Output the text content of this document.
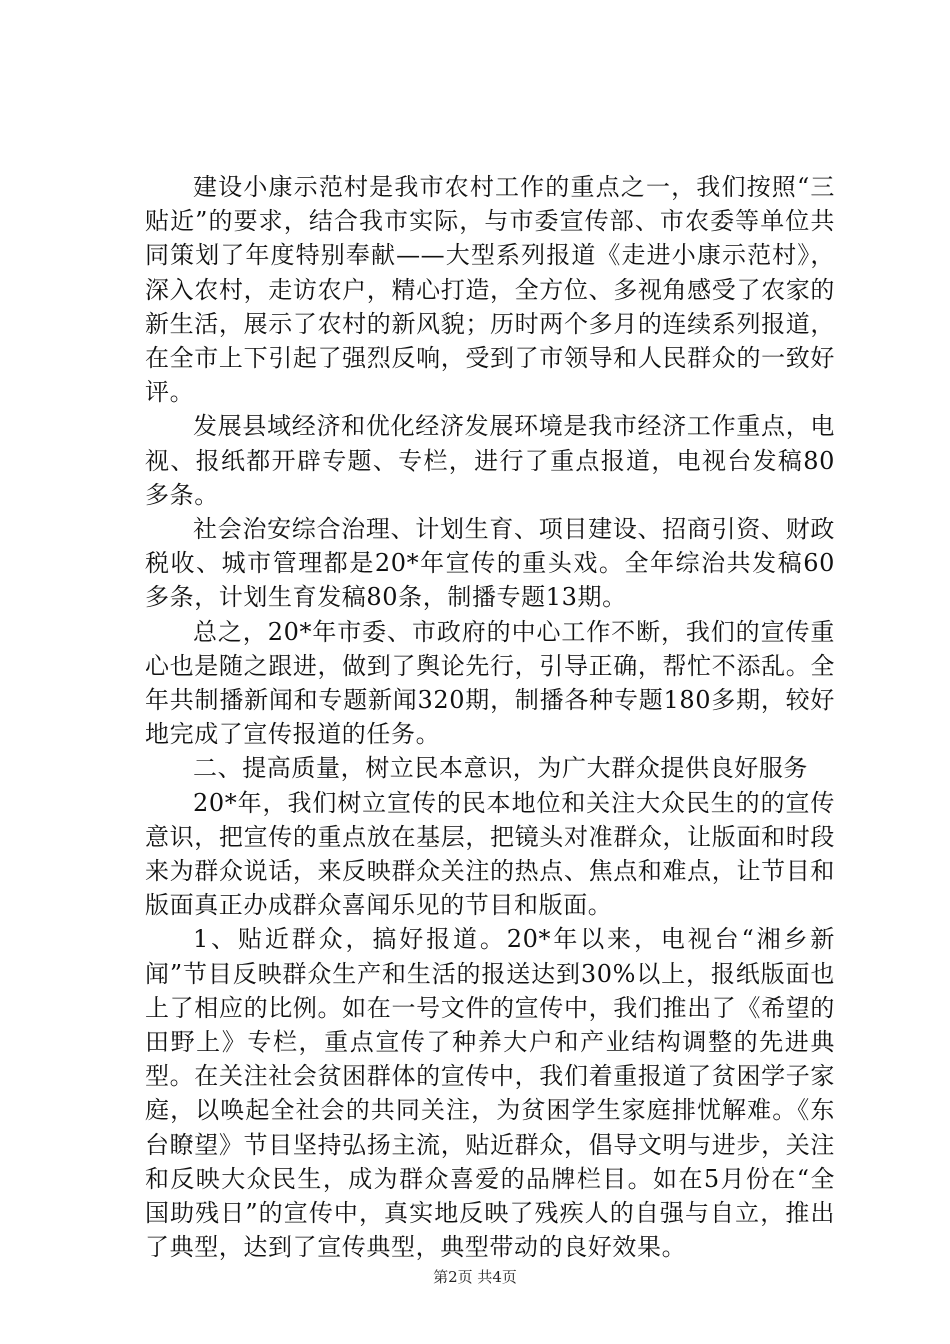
建设小康示范村是我市农村工作的重点之一，我们按照“三贴近”的要求，结合我市实际，与市委宣传部、市农委等单位共同策划了年度特别奉献——大型系列报道《走进小康示范村》，深入农村，走访农户，精心打造，全方位、多视角感受了农家的新生活，展示了农村的新风貌；历时两个多月的连续系列报道，在全市上下引起了强烈反响，受到了市领导和人民群众的一致好评。

发展县域经济和优化经济发展环境是我市经济工作重点，电视、报纸都开辟专题、专栏，进行了重点报道，电视台发稿80多条。

社会治安综合治理、计划生育、项目建设、招商引资、财政税收、城市管理都是20*年宣传的重头戏。全年综治共发稿60多条，计划生育发稿80条，制播专题13期。

总之，20*年市委、市政府的中心工作不断，我们的宣传重心也是随之跟进，做到了舆论先行，引导正确，帮忙不添乱。全年共制播新闻和专题新闻320期，制播各种专题180多期，较好地完成了宣传报道的任务。

二、提高质量，树立民本意识，为广大群众提供良好服务

20*年，我们树立宣传的民本地位和关注大众民生的的宣传意识，把宣传的重点放在基层，把镜头对准群众，让版面和时段来为群众说话，来反映群众关注的热点、焦点和难点，让节目和版面真正办成群众喜闻乐见的节目和版面。

1、贴近群众，搞好报道。20*年以来，电视台“湘乡新闻”节目反映群众生产和生活的报送达到30%以上，报纸版面也上了相应的比例。如在一号文件的宣传中，我们推出了《希望的田野上》专栏，重点宣传了种养大户和产业结构调整的先进典型。在关注社会贫困群体的宣传中，我们着重报道了贫困学子家庭，以唤起全社会的共同关注，为贫困学生家庭排忧解难。《东台瞭望》节目坚持弘扬主流，贴近群众，倡导文明与进步，关注和反映大众民生，成为群众喜爱的品牌栏目。如在5月份在“全国助残日”的宣传中，真实地反映了残疾人的自强与自立，推出了典型，达到了宣传典型，典型带动的良好效果。

第2页 共4页
